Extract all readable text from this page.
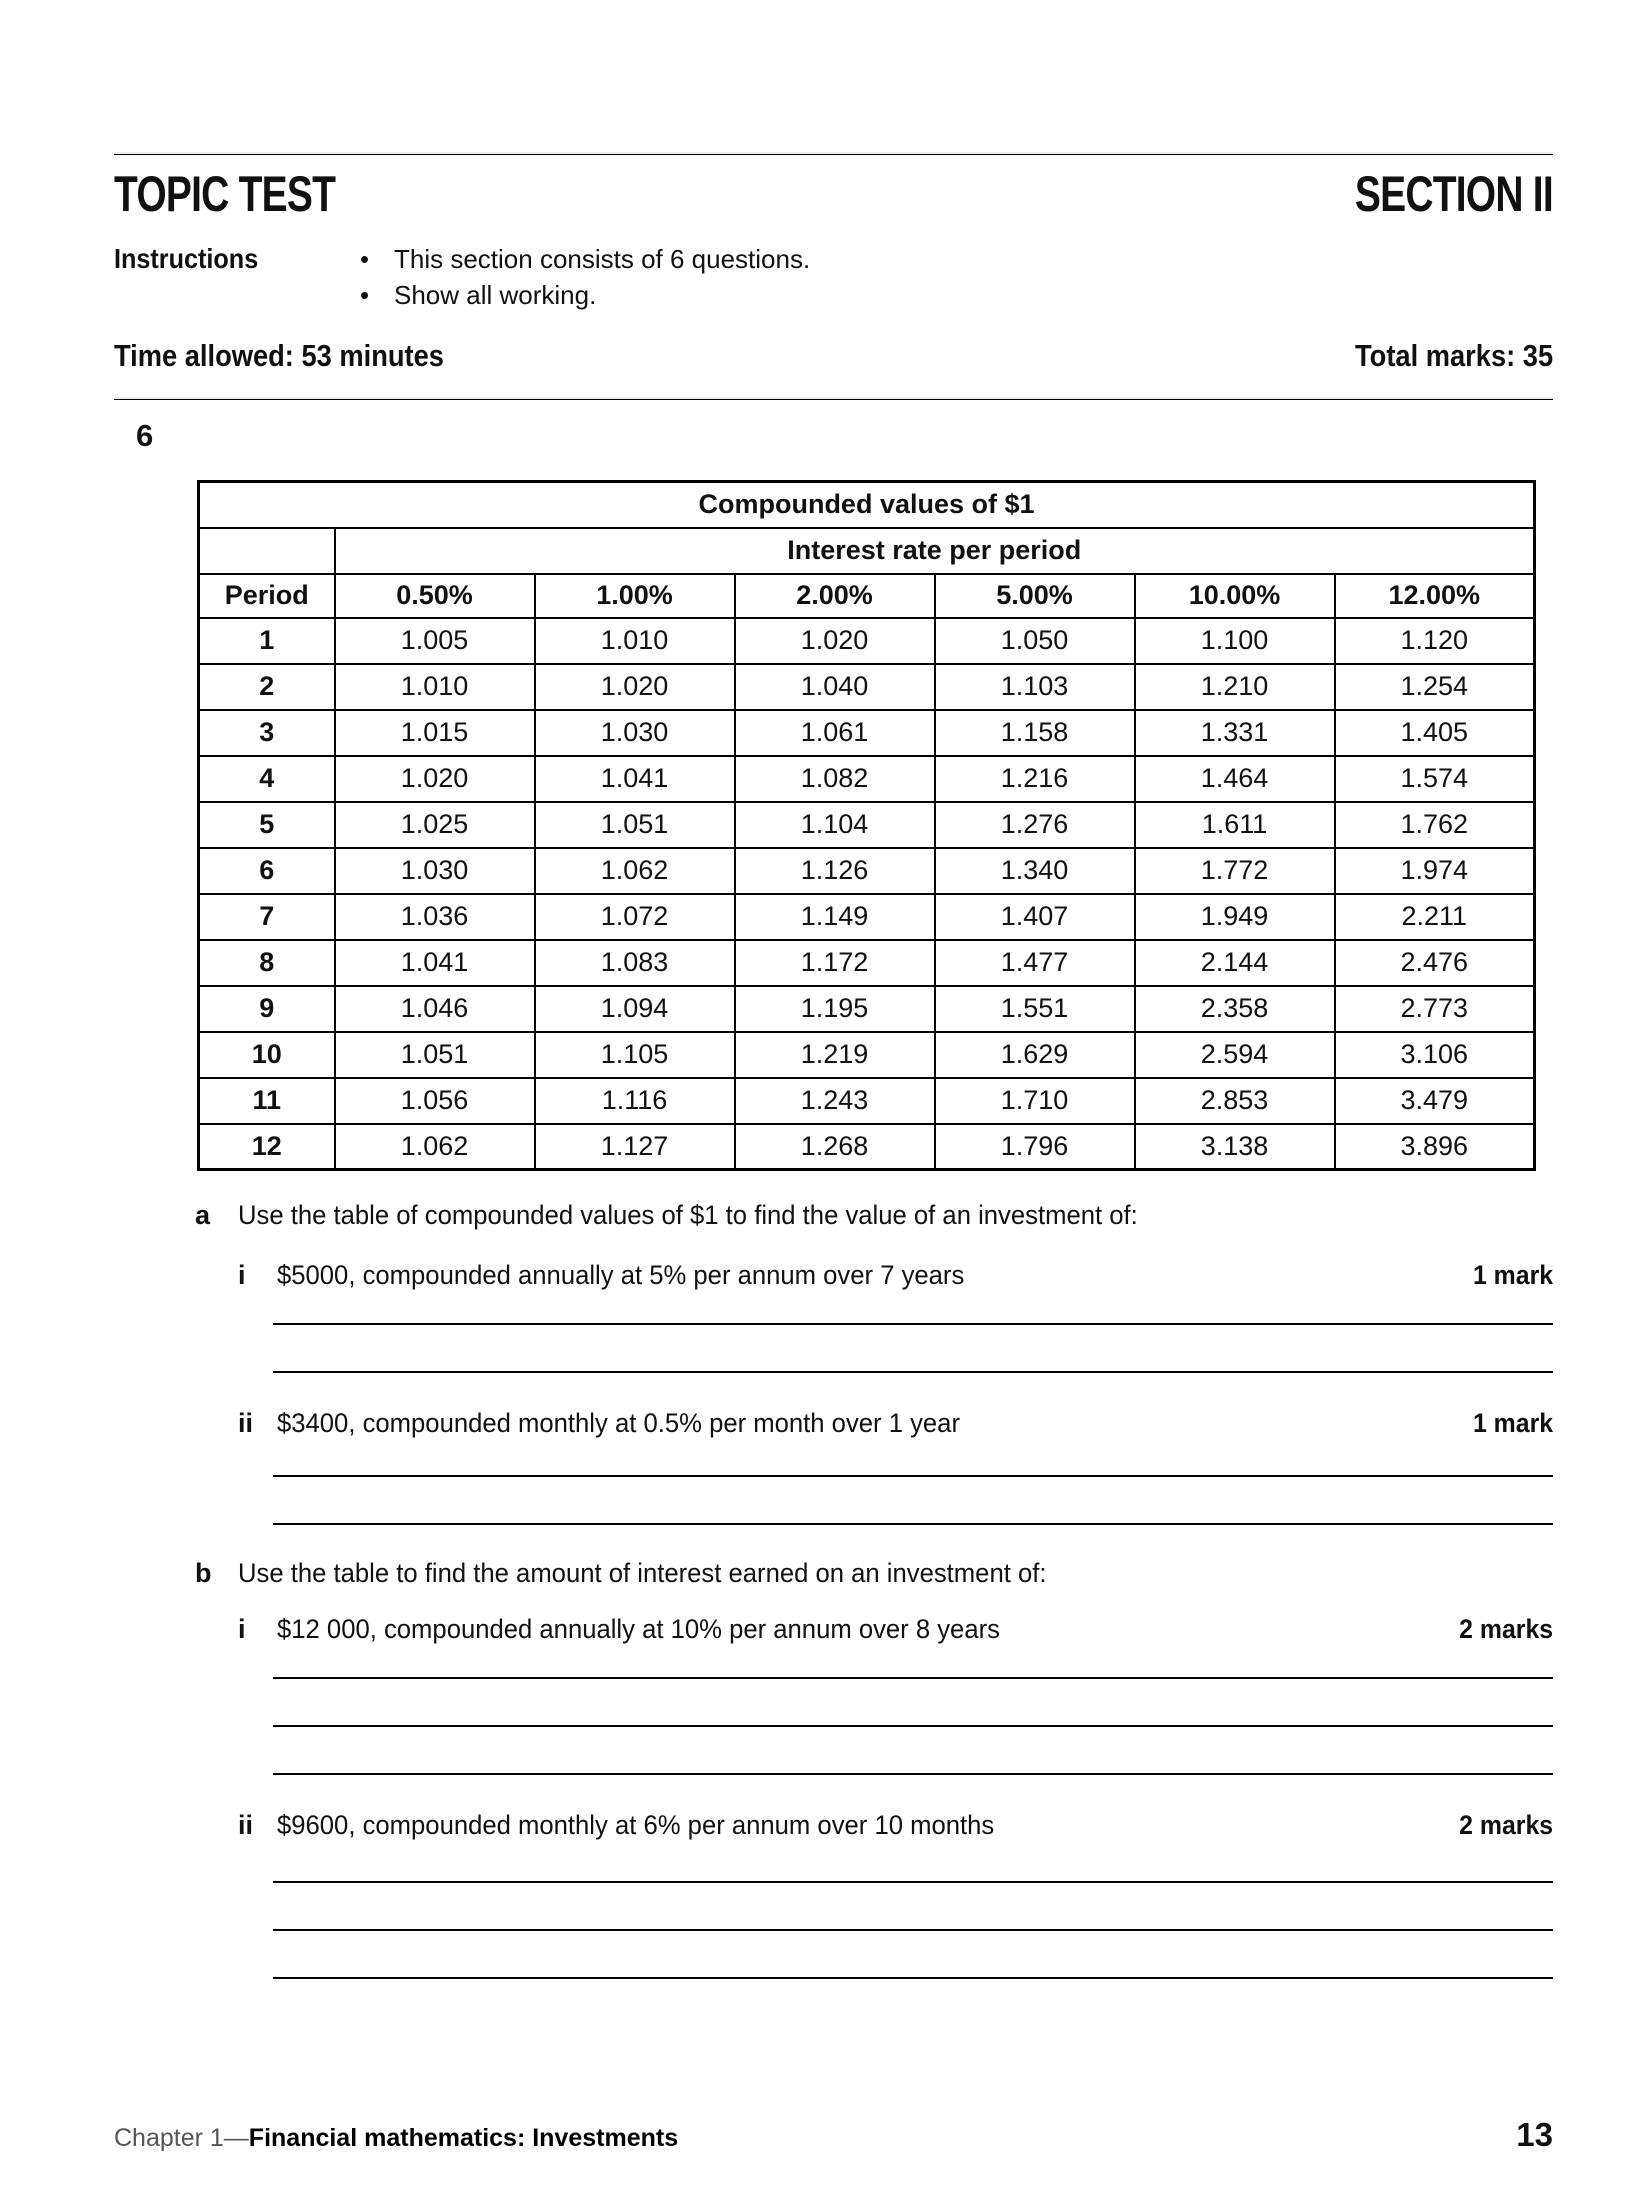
TOPIC TEST	SECTION II
Instructions	• This section consists of 6 questions.
• Show all working.
Time allowed: 53 minutes	Total marks: 35
6
Compounded values of $1						
	Interest rate per period					
Period	0.50%	1.00%	2.00%	5.00%	10.00%	12.00%
1	1.005	1.010	1.020	1.050	1.100	1.120
2	1.010	1.020	1.040	1.103	1.210	1.254
3	1.015	1.030	1.061	1.158	1.331	1.405
4	1.020	1.041	1.082	1.216	1.464	1.574
5	1.025	1.051	1.104	1.276	1.611	1.762
6	1.030	1.062	1.126	1.340	1.772	1.974
7	1.036	1.072	1.149	1.407	1.949	2.211
8	1.041	1.083	1.172	1.477	2.144	2.476
9	1.046	1.094	1.195	1.551	2.358	2.773
10	1.051	1.105	1.219	1.629	2.594	3.106
11	1.056	1.116	1.243	1.710	2.853	3.479
12	1.062	1.127	1.268	1.796	3.138	3.896
a	Use the table of compounded values of $1 to find the value of an investment of:
i	$5000, compounded annually at 5% per annum over 7 years	1 mark
ii $3400, compounded monthly at 0.5% per month over 1 year	1 mark
b Use the table to find the amount of interest earned on an investment of:
i	$12 000, compounded annually at 10% per annum over 8 years	2 marks
ii $9600, compounded monthly at 6% per annum over 10 months	2 marks
Chapter 1—Financial mathematics: Investments	13
